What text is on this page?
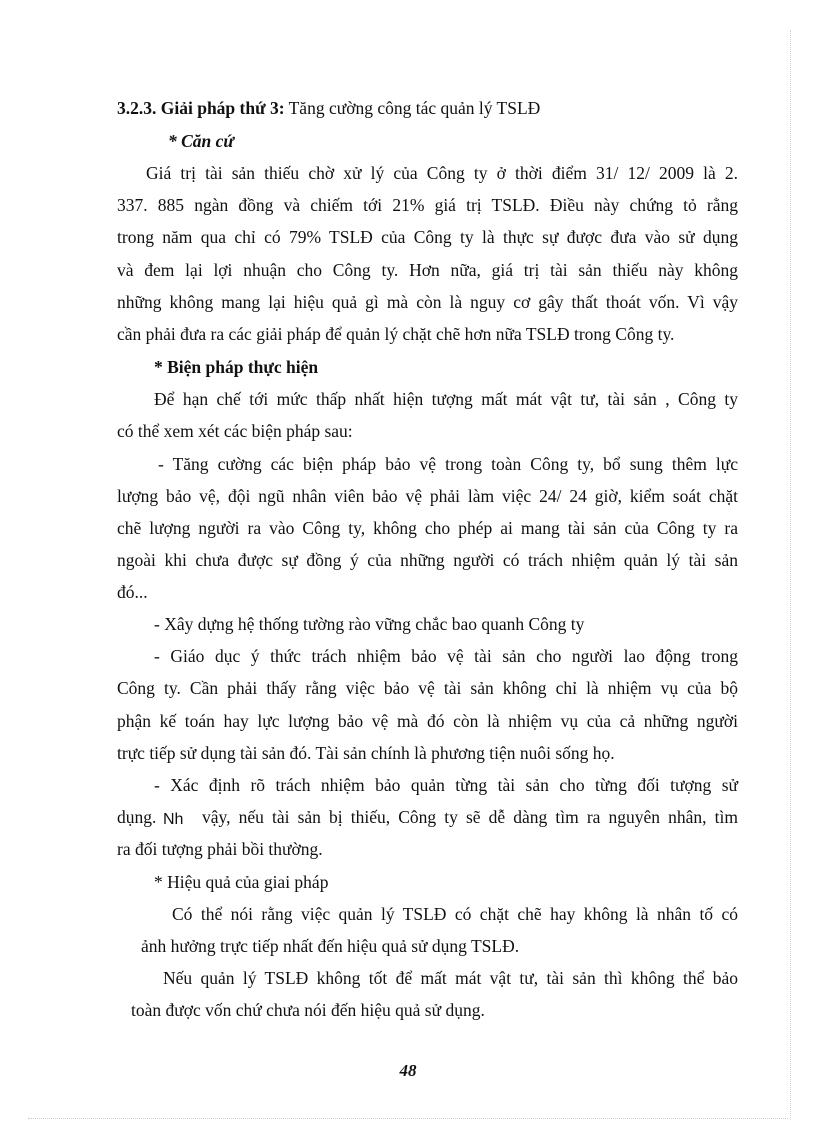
3.2.3. Giải pháp thứ 3: Tăng cường công tác quản lý TSLĐ
* Căn cứ
Giá trị tài sản thiếu chờ xử lý của Công ty ở thời điểm 31/ 12/ 2009 là 2.
337. 885 ngàn đồng và chiếm tới 21% giá trị TSLĐ. Điều này chứng tỏ rằng
trong năm qua chỉ có 79% TSLĐ của Công ty là thực sự được đưa vào sử dụng
và đem lại lợi nhuận cho Công ty. Hơn nữa, giá trị tài sản thiếu này không
những không mang lại hiệu quả gì mà còn là nguy cơ gây thất thoát vốn. Vì vậy
cần phải đưa ra các giải pháp để quản lý chặt chẽ hơn nữa TSLĐ trong Công ty.
* Biện pháp thực hiện
Để hạn chế tới mức thấp nhất hiện tượng mất mát vật tư, tài sản , Công ty
có thể xem xét các biện pháp sau:
- Tăng cường các biện pháp bảo vệ trong toàn Công ty, bổ sung thêm lực
lượng bảo vệ, đội ngũ nhân viên bảo vệ phải làm việc 24/ 24 giờ, kiểm soát chặt
chẽ lượng người ra vào Công ty, không cho phép ai mang tài sản của Công ty ra
ngoài khi chưa được sự đồng ý của những người có trách nhiệm quản lý tài sản
đó...
- Xây dựng hệ thống tường rào vững chắc bao quanh Công ty
- Giáo dục ý thức trách nhiệm bảo vệ tài sản cho người lao động trong
Công ty. Cần phải thấy rằng việc bảo vệ tài sản không chỉ là nhiệm vụ của bộ
phận kế toán hay lực lượng bảo vệ mà đó còn là nhiệm vụ của cả những người
trực tiếp sử dụng tài sản đó. Tài sản chính là phương tiện nuôi sống họ.
- Xác định rõ trách nhiệm bảo quản từng tài sản cho từng đối tượng sử
dụng. Nh vậy, nếu tài sản bị thiếu, Công ty sẽ dễ dàng tìm ra nguyên nhân, tìm
ra đối tượng phải bồi thường.
* Hiệu quả của giai pháp
Có thể nói rằng việc quản lý TSLĐ có chặt chẽ hay không là nhân tố có
ảnh hưởng trực tiếp nhất đến hiệu quả sử dụng TSLĐ.
Nếu quản lý TSLĐ không tốt để mất mát vật tư, tài sản thì không thể bảo
toàn được vốn chứ chưa nói đến hiệu quả sử dụng.
48
